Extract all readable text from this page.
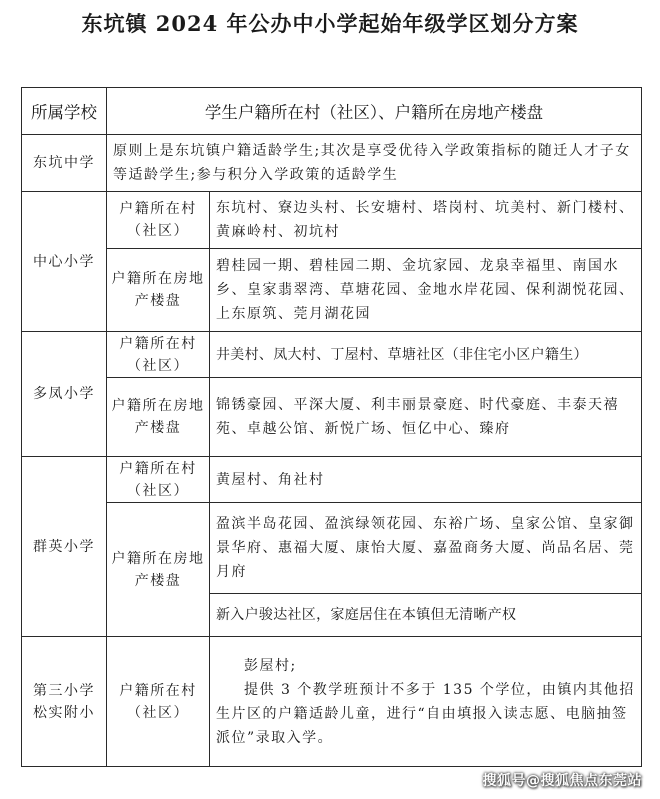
东坑镇 2024 年公办中小学起始年级学区划分方案
所属学校	学生户籍所在村（社区）、户籍所在房地产楼盘	
东坑中学	原则上是东坑镇户籍适龄学生;其次是享受优待入学政策指标的随迁人才子女等适龄学生;参与积分入学政策的适龄学生	
中心小学	户籍所在村（社区）	东坑村、寮边头村、长安塘村、塔岗村、坑美村、新门楼村、黄麻岭村、初坑村
	户籍所在房地产楼盘	碧桂园一期、碧桂园二期、金坑家园、龙泉幸福里、南国水乡、皇家翡翠湾、草塘花园、金地水岸花园、保利湖悦花园、上东原筑、莞月湖花园
多凤小学	户籍所在村（社区）	井美村、凤大村、丁屋村、草塘社区（非住宅小区户籍生）
	户籍所在房地产楼盘	锦锈豪园、平深大厦、利丰丽景豪庭、时代豪庭、丰泰天禧苑、卓越公馆、新悦广场、恒亿中心、臻府
群英小学	户籍所在村（社区）	黄屋村、角社村
	户籍所在房地产楼盘	盈滨半岛花园、盈滨绿领花园、东裕广场、皇家公馆、皇家御景华府、惠福大厦、康怡大厦、嘉盈商务大厦、尚品名居、莞月府
		新入户骏达社区，家庭居住在本镇但无清晰产权
第三小学松实附小	户籍所在村（社区）	彭屋村;

提供 3 个教学班预计不多于 135 个学位，由镇内其他招生片区的户籍适龄儿童，进行“自由填报入读志愿、电脑抽签派位”录取入学。

搜狐号@搜狐焦点东莞站
